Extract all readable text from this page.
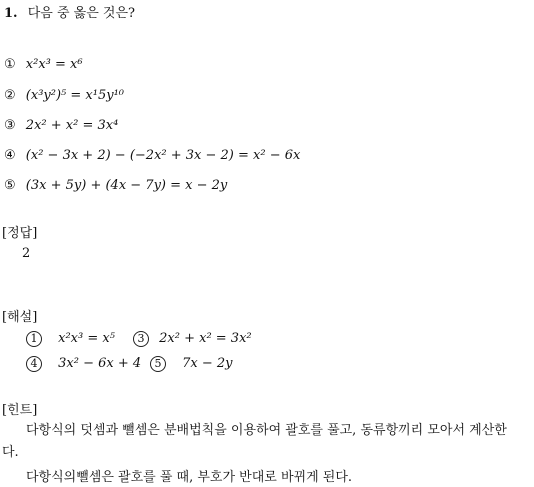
1. 다음 중 옳은 것은?
① x²x³ = x⁶
② (x³y²)⁵ = x¹5y¹⁰
③ 2x² + x² = 3x⁴
④ (x² − 3x + 2) − (−2x² + 3x − 2) = x² − 6x
⑤ (3x + 5y) + (4x − 7y) = x − 2y
[정답]
2
[해설]
1 x²x³ = x⁵	3 2x² + x² = 3x²
4 3x² − 6x + 4	5 7x − 2y
[힌트]
다항식의 덧셈과 뺄셈은 분배법칙을 이용하여 괄호를 풀고, 동류항끼리 모아서 계산한다.
다항식의뺄셈은 괄호를 풀 때, 부호가 반대로 바뀌게 된다.
